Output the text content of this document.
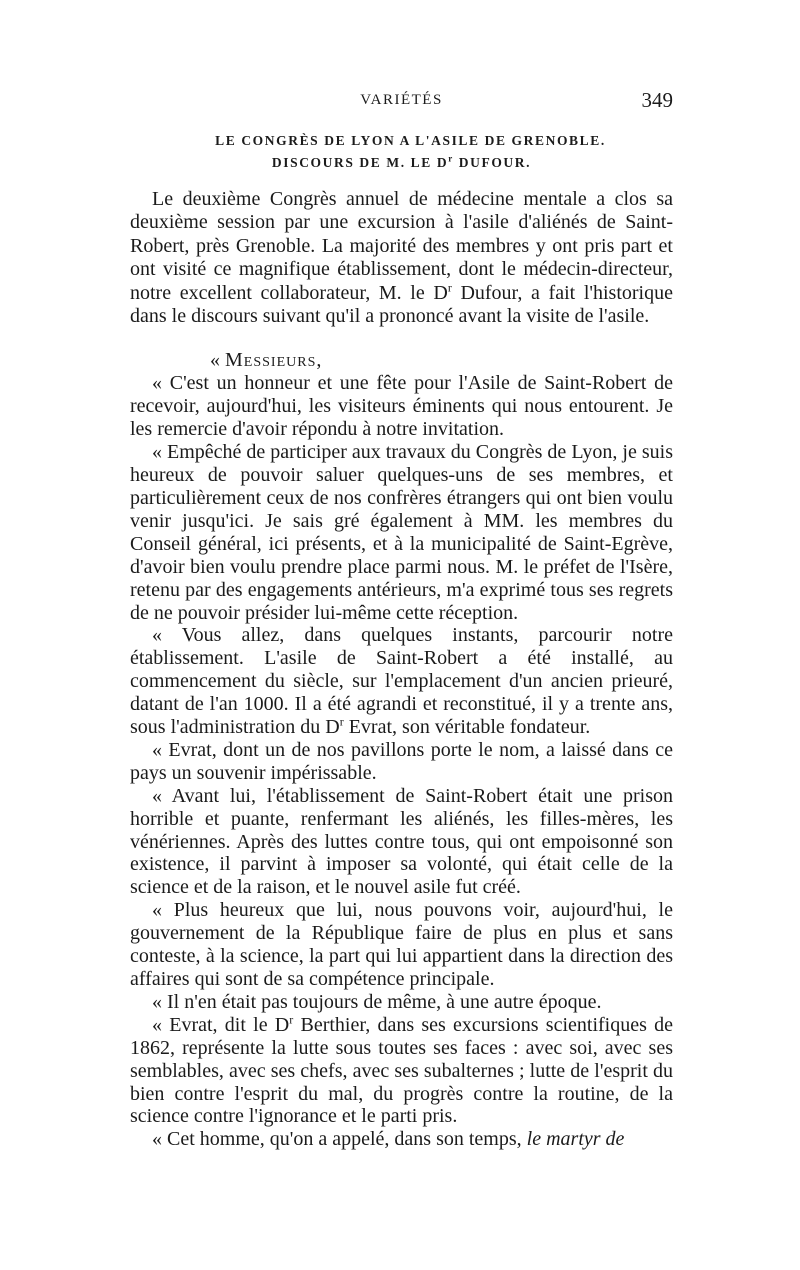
VARIÉTÉS	349
LE CONGRÈS DE LYON A L'ASILE DE GRENOBLE.
DISCOURS DE M. LE $D^r$ DUFOUR.

Le deuxième Congrès annuel de médecine mentale a clos sa deuxième session par une excursion à l'asile d'aliénés de Saint-Robert, près Grenoble. La majorité des membres y ont pris part et ont visité ce magnifique établissement, dont le médecin-directeur, notre excellent collaborateur, M. le $D^r$ Dufour, a fait l'historique dans le discours suivant qu'il a prononcé avant la visite de l'asile.

« Messieurs,
« C'est un honneur et une fête pour l'Asile de Saint-Robert de recevoir, aujourd'hui, les visiteurs éminents qui nous entourent. Je les remercie d'avoir répondu à notre invitation.
« Empêché de participer aux travaux du Congrès de Lyon, je suis heureux de pouvoir saluer quelques-uns de ses membres, et particulièrement ceux de nos confrères étrangers qui ont bien voulu venir jusqu'ici. Je sais gré également à MM. les membres du Conseil général, ici présents, et à la municipalité de Saint-Egrève, d'avoir bien voulu prendre place parmi nous. M. le préfet de l'Isère, retenu par des engagements antérieurs, m'a exprimé tous ses regrets de ne pouvoir présider lui-même cette réception.
« Vous allez, dans quelques instants, parcourir notre établissement. L'asile de Saint-Robert a été installé, au commencement du siècle, sur l'emplacement d'un ancien prieuré, datant de l'an 1000. Il a été agrandi et reconstitué, il y a trente ans, sous l'administration du $D^r$ Evrat, son véritable fondateur.
« Evrat, dont un de nos pavillons porte le nom, a laissé dans ce pays un souvenir impérissable.
« Avant lui, l'établissement de Saint-Robert était une prison horrible et puante, renfermant les aliénés, les filles-mères, les vénériennes. Après des luttes contre tous, qui ont empoisonné son existence, il parvint à imposer sa volonté, qui était celle de la science et de la raison, et le nouvel asile fut créé.
« Plus heureux que lui, nous pouvons voir, aujourd'hui, le gouvernement de la République faire de plus en plus et sans conteste, à la science, la part qui lui appartient dans la direction des affaires qui sont de sa compétence principale.
« Il n'en était pas toujours de même, à une autre époque.
« Evrat, dit le $D^r$ Berthier, dans ses excursions scientifiques de 1862, représente la lutte sous toutes ses faces : avec soi, avec ses semblables, avec ses chefs, avec ses subalternes ; lutte de l'esprit du bien contre l'esprit du mal, du progrès contre la routine, de la science contre l'ignorance et le parti pris.
« Cet homme, qu'on a appelé, dans son temps, le martyr de
